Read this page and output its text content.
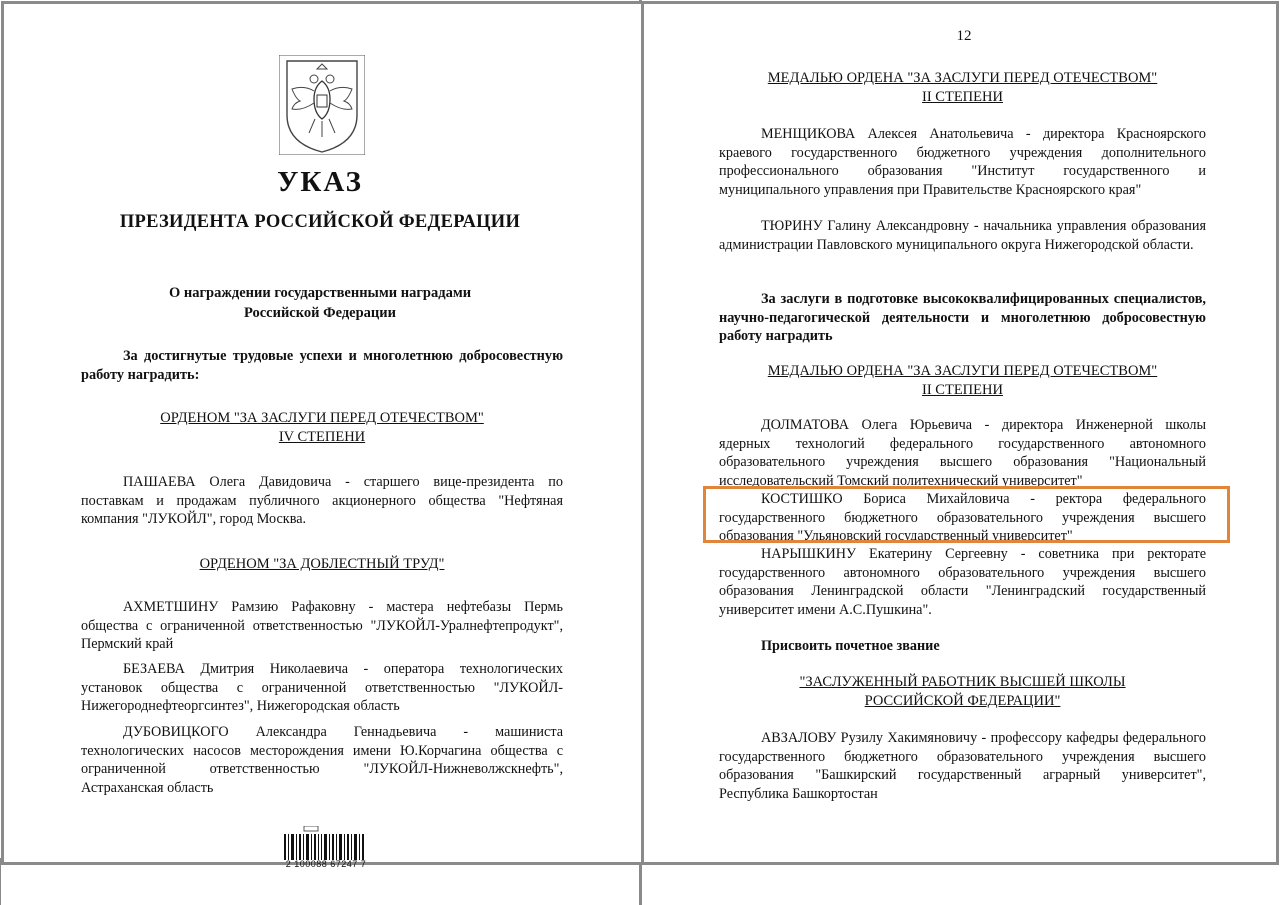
УКАЗ
ПРЕЗИДЕНТА РОССИЙСКОЙ ФЕДЕРАЦИИ
О награждении государственными наградами
Российской Федерации
За достигнутые трудовые успехи и многолетнюю добросовестную работу наградить:
ОРДЕНОМ "ЗА ЗАСЛУГИ ПЕРЕД ОТЕЧЕСТВОМ"
IV СТЕПЕНИ
ПАШАЕВА Олега Давидовича - старшего вице-президента по поставкам и продажам публичного акционерного общества "Нефтяная компания "ЛУКОЙЛ", город Москва.
ОРДЕНОМ "ЗА ДОБЛЕСТНЫЙ ТРУД"
АХМЕТШИНУ Рамзию Рафаковну - мастера нефтебазы Пермь общества с ограниченной ответственностью "ЛУКОЙЛ-Уралнефтепродукт", Пермский край
БЕЗАЕВА Дмитрия Николаевича - оператора технологических установок общества с ограниченной ответственностью "ЛУКОЙЛ-Нижегороднефтеоргсинтез", Нижегородская область
ДУБОВИЦКОГО Александра Геннадьевича - машиниста технологических насосов месторождения имени Ю.Корчагина общества с ограниченной ответственностью "ЛУКОЙЛ-Нижневолжскнефть", Астраханская область
2 100088 67247 7
12
МЕДАЛЬЮ ОРДЕНА "ЗА ЗАСЛУГИ ПЕРЕД ОТЕЧЕСТВОМ"
II СТЕПЕНИ
МЕНЩИКОВА Алексея Анатольевича - директора Красноярского краевого государственного бюджетного учреждения дополнительного профессионального образования "Институт государственного и муниципального управления при Правительстве Красноярского края"
ТЮРИНУ Галину Александровну - начальника управления образования администрации Павловского муниципального округа Нижегородской области.
За заслуги в подготовке высококвалифицированных специалистов, научно-педагогической деятельности и многолетнюю добросовестную работу наградить
МЕДАЛЬЮ ОРДЕНА "ЗА ЗАСЛУГИ ПЕРЕД ОТЕЧЕСТВОМ"
II СТЕПЕНИ
ДОЛМАТОВА Олега Юрьевича - директора Инженерной школы ядерных технологий федерального государственного автономного образовательного учреждения высшего образования "Национальный исследовательский Томский политехнический университет"
КОСТИШКО Бориса Михайловича - ректора федерального государственного бюджетного образовательного учреждения высшего образования "Ульяновский государственный университет"
НАРЫШКИНУ Екатерину Сергеевну - советника при ректорате государственного автономного образовательного учреждения высшего образования Ленинградской области "Ленинградский государственный университет имени А.С.Пушкина".
Присвоить почетное звание
"ЗАСЛУЖЕННЫЙ РАБОТНИК ВЫСШЕЙ ШКОЛЫ
РОССИЙСКОЙ ФЕДЕРАЦИИ"
АВЗАЛОВУ Рузилу Хакимяновичу - профессору кафедры федерального государственного бюджетного образовательного учреждения высшего образования "Башкирский государственный аграрный университет", Республика Башкортостан
